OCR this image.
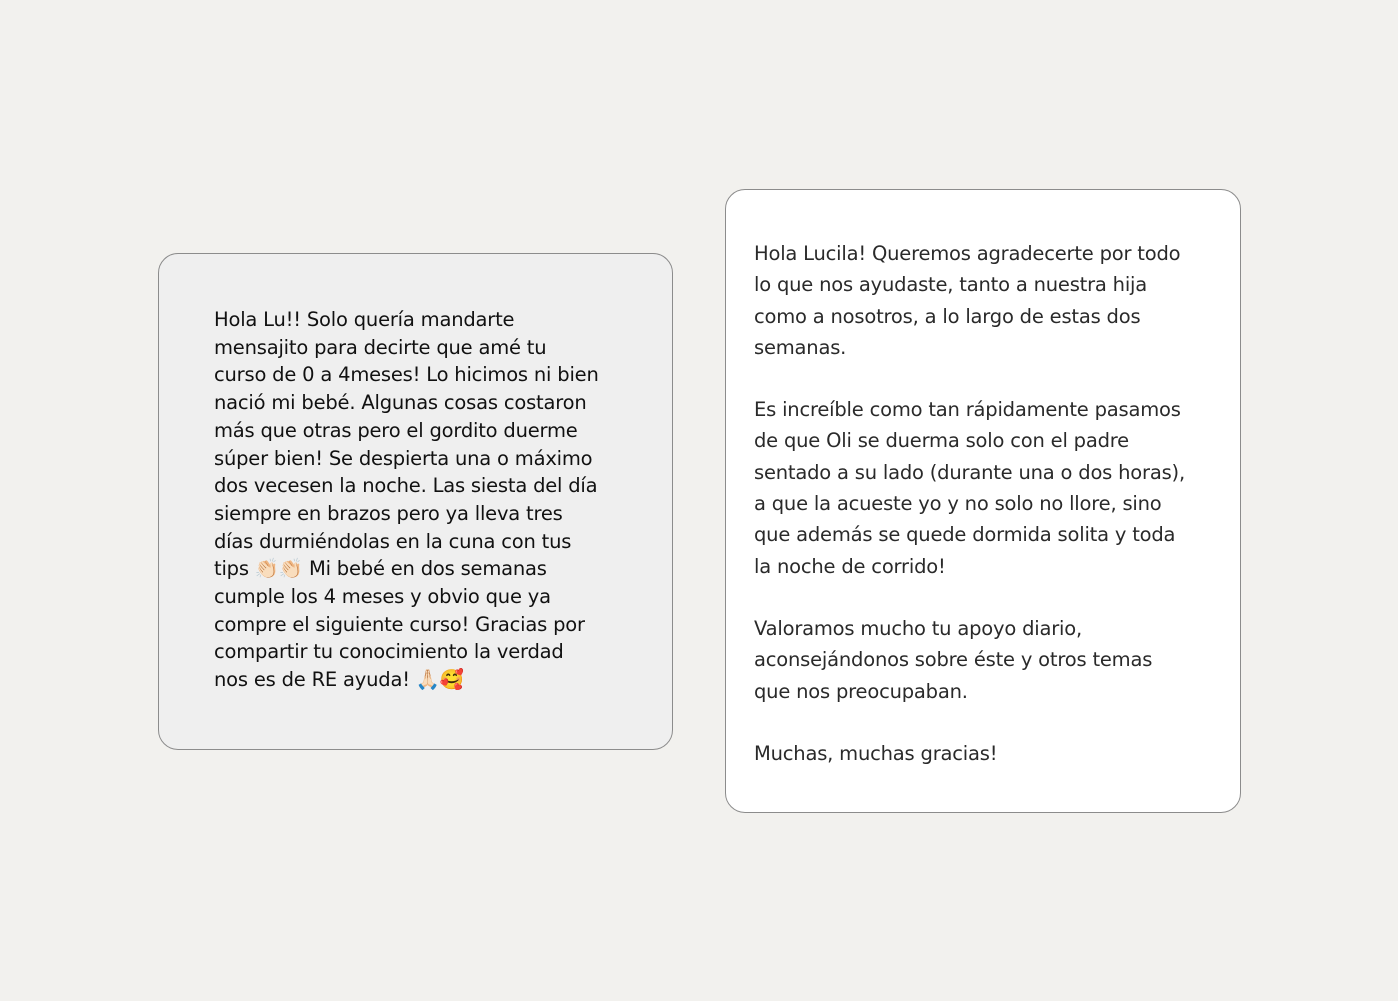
Hola Lu!! Solo quería mandarte
mensajito para decirte que amé tu
curso de 0 a 4meses! Lo hicimos ni bien
nació mi bebé. Algunas cosas costaron
más que otras pero el gordito duerme
súper bien! Se despierta una o máximo
dos vecesen la noche. Las siesta del día
siempre en brazos pero ya lleva tres
días durmiéndolas en la cuna con tus
tips 👏🏻👏🏻 Mi bebé en dos semanas
cumple los 4 meses y obvio que ya
compre el siguiente curso! Gracias por
compartir tu conocimiento la verdad
nos es de RE ayuda! 🙏🏻🥰

Hola Lucila! Queremos agradecerte por todo
lo que nos ayudaste, tanto a nuestra hija
como a nosotros, a lo largo de estas dos
semanas.

Es increíble como tan rápidamente pasamos
de que Oli se duerma solo con el padre
sentado a su lado (durante una o dos horas),
a que la acueste yo y no solo no llore, sino
que además se quede dormida solita y toda
la noche de corrido!

Valoramos mucho tu apoyo diario,
aconsejándonos sobre éste y otros temas
que nos preocupaban.

Muchas, muchas gracias!
